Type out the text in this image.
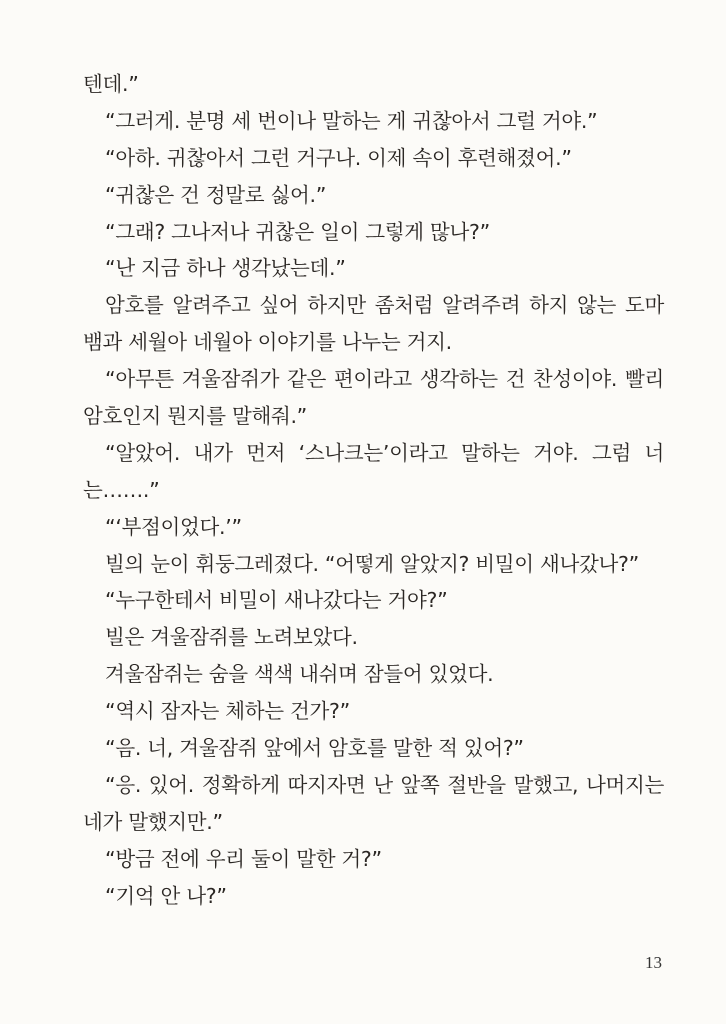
텐데.”
“그러게. 분명 세 번이나 말하는 게 귀찮아서 그럴 거야.”
“아하. 귀찮아서 그런 거구나. 이제 속이 후련해졌어.”
“귀찮은 건 정말로 싫어.”
“그래? 그나저나 귀찮은 일이 그렇게 많나?”
“난 지금 하나 생각났는데.”
암호를 알려주고 싶어 하지만 좀처럼 알려주려 하지 않는 도마
뱀과 세월아 네월아 이야기를 나누는 거지.
“아무튼 겨울잠쥐가 같은 편이라고 생각하는 건 찬성이야. 빨리
암호인지 뭔지를 말해줘.”
“알았어. 내가 먼저 ‘스나크는’이라고 말하는 거야. 그럼 너
는…….”
“‘부점이었다.’”
빌의 눈이 휘둥그레졌다. “어떻게 알았지? 비밀이 새나갔나?”
“누구한테서 비밀이 새나갔다는 거야?”
빌은 겨울잠쥐를 노려보았다.
겨울잠쥐는 숨을 색색 내쉬며 잠들어 있었다.
“역시 잠자는 체하는 건가?”
“음. 너, 겨울잠쥐 앞에서 암호를 말한 적 있어?”
“응. 있어. 정확하게 따지자면 난 앞쪽 절반을 말했고, 나머지는
네가 말했지만.”
“방금 전에 우리 둘이 말한 거?”
“기억 안 나?”
13
